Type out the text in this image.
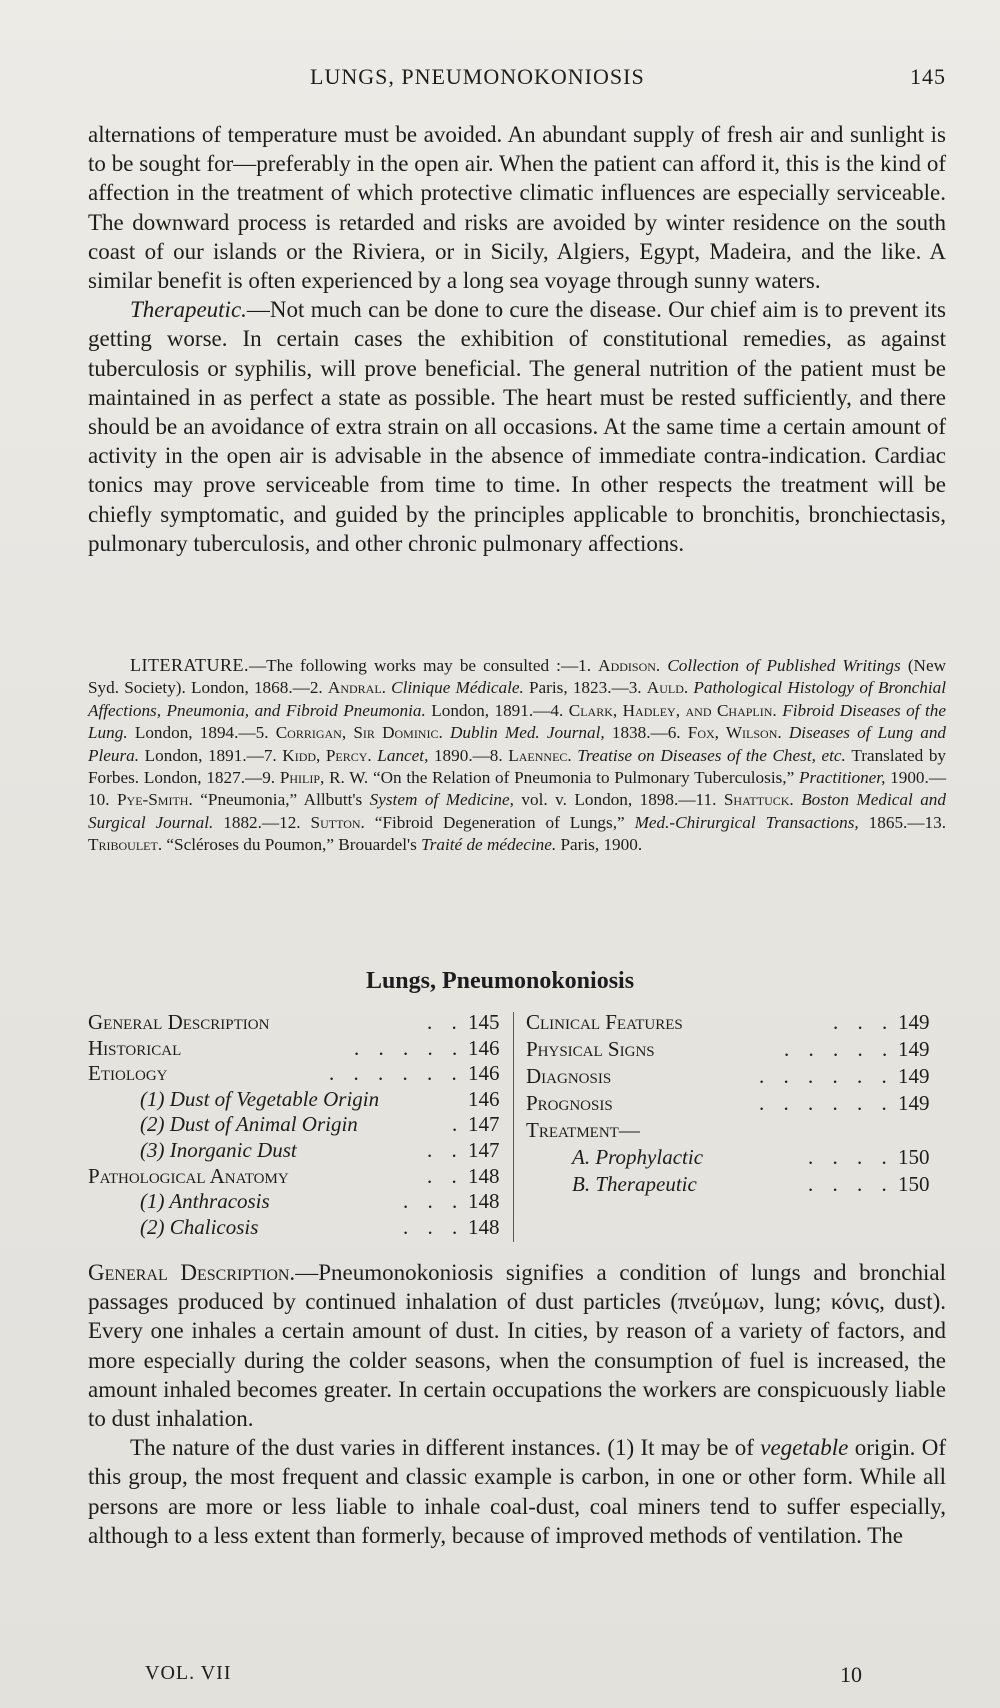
LUNGS, PNEUMONOKONIOSIS	145

alternations of temperature must be avoided. An abundant supply of fresh air and sunlight is to be sought for—preferably in the open air. When the patient can afford it, this is the kind of affection in the treatment of which protective climatic influences are especially serviceable. The downward process is retarded and risks are avoided by winter residence on the south coast of our islands or the Riviera, or in Sicily, Algiers, Egypt, Madeira, and the like. A similar benefit is often experienced by a long sea voyage through sunny waters.

Therapeutic.—Not much can be done to cure the disease. Our chief aim is to prevent its getting worse. In certain cases the exhibition of constitutional remedies, as against tuberculosis or syphilis, will prove beneficial. The general nutrition of the patient must be maintained in as perfect a state as possible. The heart must be rested sufficiently, and there should be an avoidance of extra strain on all occasions. At the same time a certain amount of activity in the open air is advisable in the absence of immediate contra-indication. Cardiac tonics may prove serviceable from time to time. In other respects the treatment will be chiefly symptomatic, and guided by the principles applicable to bronchitis, bronchiectasis, pulmonary tuberculosis, and other chronic pulmonary affections.

LITERATURE.—The following works may be consulted :—1. Addison. Collection of Published Writings (New Syd. Society). London, 1868.—2. Andral. Clinique Médicale. Paris, 1823.—3. Auld. Pathological Histology of Bronchial Affections, Pneumonia, and Fibroid Pneumonia. London, 1891.—4. Clark, Hadley, and Chaplin. Fibroid Diseases of the Lung. London, 1894.—5. Corrigan, Sir Dominic. Dublin Med. Journal, 1838.—6. Fox, Wilson. Diseases of Lung and Pleura. London, 1891.—7. Kidd, Percy. Lancet, 1890.—8. Laennec. Treatise on Diseases of the Chest, etc. Translated by Forbes. London, 1827.—9. Philip, R. W. “On the Relation of Pneumonia to Pulmonary Tuberculosis,” Practitioner, 1900.—10. Pye-Smith. “Pneumonia,” Allbutt's System of Medicine, vol. v. London, 1898.—11. Shattuck. Boston Medical and Surgical Journal. 1882.—12. Sutton. “Fibroid Degeneration of Lungs,” Med.-Chirurgical Transactions, 1865.—13. Triboulet. “Scléroses du Poumon,” Brouardel's Traité de médecine. Paris, 1900.
Lungs, Pneumonokoniosis
General Description	. . 145
Historical	. . . . . 146
Etiology	. . . . . . 146
(1) Dust of Vegetable Origin	146
(2) Dust of Animal Origin	. 147
(3) Inorganic Dust	. . 147
Pathological Anatomy	. . 148
(1) Anthracosis	. . . 148
(2) Chalicosis	. . . 148
Clinical Features	. . . 149
Physical Signs	. . . . . 149
Diagnosis	. . . . . . 149
Prognosis	. . . . . . 149
Treatment—
A. Prophylactic	. . . . 150
B. Therapeutic	. . . . 150

General Description.—Pneumonokoniosis signifies a condition of lungs and bronchial passages produced by continued inhalation of dust particles (πνεύμων, lung; κόνις, dust). Every one inhales a certain amount of dust. In cities, by reason of a variety of factors, and more especially during the colder seasons, when the consumption of fuel is increased, the amount inhaled becomes greater. In certain occupations the workers are conspicuously liable to dust inhalation.

The nature of the dust varies in different instances. (1) It may be of vegetable origin. Of this group, the most frequent and classic example is carbon, in one or other form. While all persons are more or less liable to inhale coal-dust, coal miners tend to suffer especially, although to a less extent than formerly, because of improved methods of ventilation. The

VOL. VII	10
